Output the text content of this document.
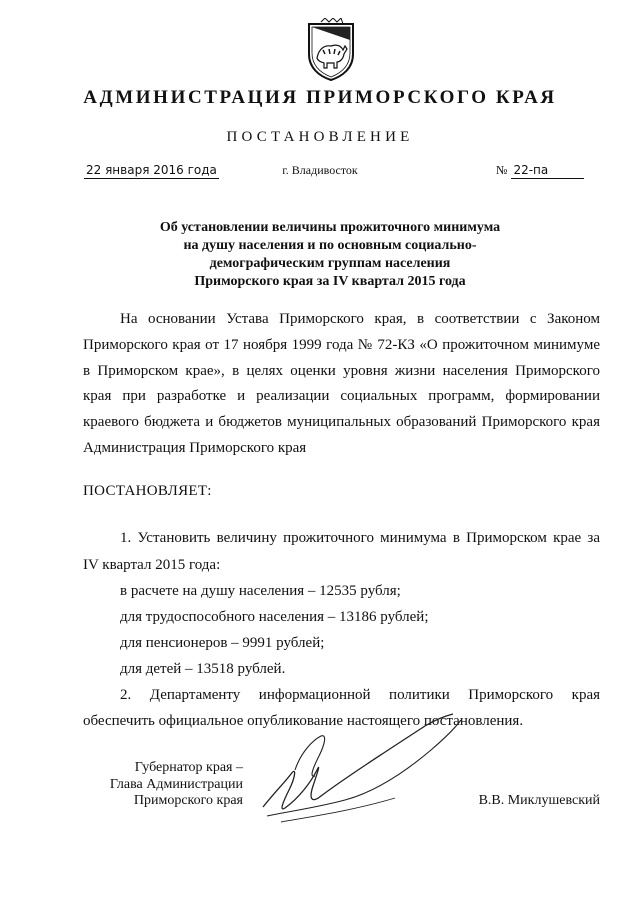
АДМИНИСТРАЦИЯ ПРИМОРСКОГО КРАЯ
ПОСТАНОВЛЕНИЕ
22 января 2016 года	г. Владивосток	№ 22-па
Об установлении величины прожиточного минимума
на душу населения и по основным социально-
демографическим группам населения
Приморского края за IV квартал 2015 года
На основании Устава Приморского края, в соответствии с Законом
Приморского края от 17 ноября 1999 года № 72-КЗ «О прожиточном минимуме
в Приморском крае», в целях оценки уровня жизни населения Приморского
края при разработке и реализации социальных программ, формировании
краевого бюджета и бюджетов муниципальных образований Приморского края
Администрация Приморского края
ПОСТАНОВЛЯЕТ:
1. Установить величину прожиточного минимума в Приморском крае за
IV квартал 2015 года:
в расчете на душу населения – 12535 рубля;
для трудоспособного населения – 13186 рублей;
для пенсионеров – 9991 рублей;
для детей – 13518 рублей.
2. Департаменту информационной политики Приморского края
обеспечить официальное опубликование настоящего постановления.
Губернатор края –
Глава Администрации
Приморского края	В.В. Миклушевский
